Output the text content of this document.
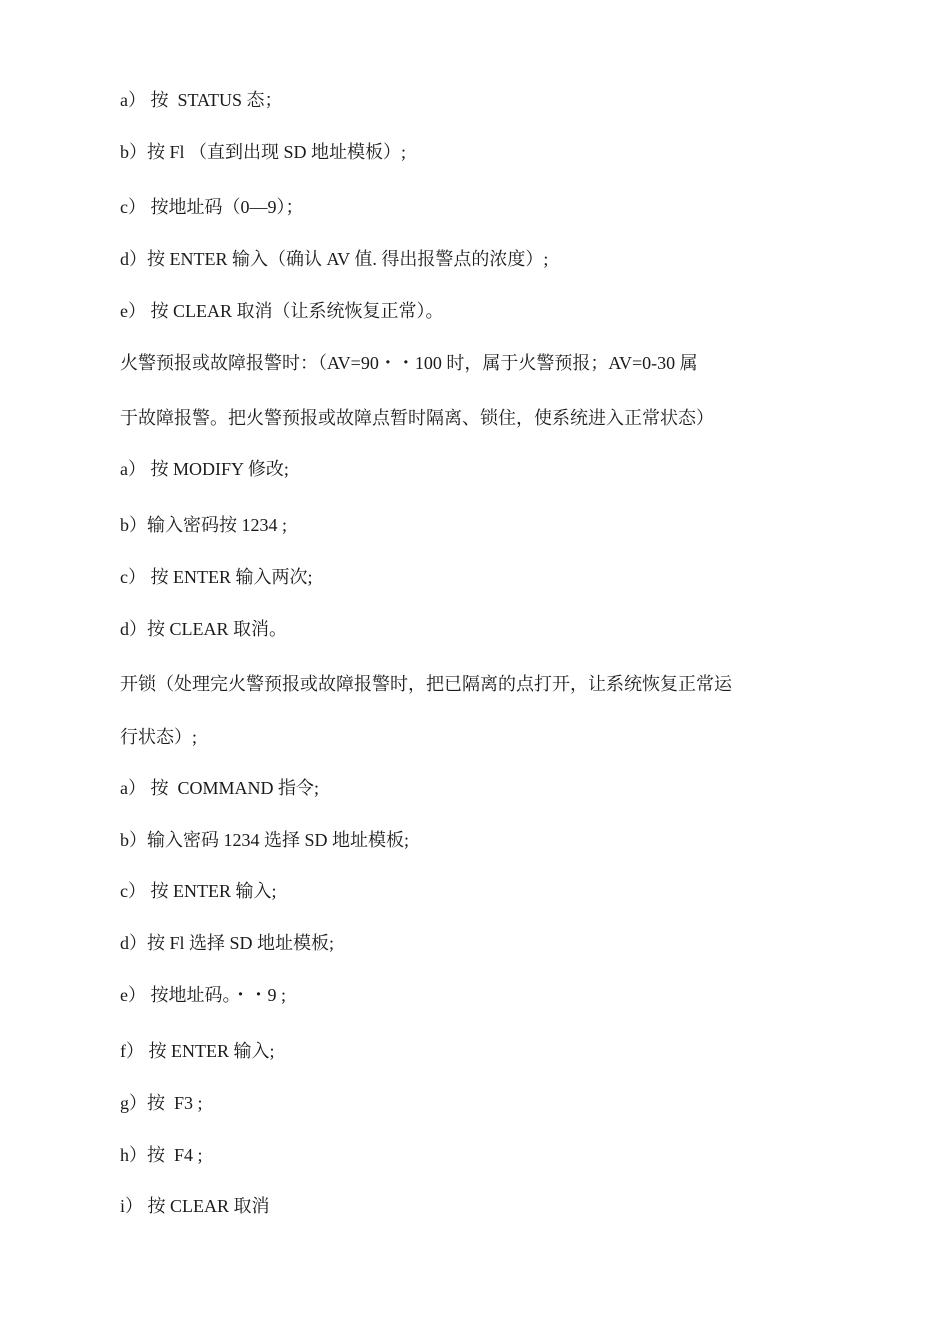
a） 按  STATUS 态；
b）按 Fl （直到出现 SD 地址模板）;
c） 按地址码（0—9）；
d）按 ENTER 输入（确认 AV 值. 得出报警点的浓度）;
e） 按 CLEAR 取消（让系统恢复正常）。
火警预报或故障报警时：（AV=90・・100 时，属于火警预报；AV=0-30 属
于故障报警。把火警预报或故障点暂时隔离、锁住，使系统进入正常状态）
a） 按 MODIFY 修改;
b）输入密码按 1234 ;
c） 按 ENTER 输入两次;
d）按 CLEAR 取消。
开锁（处理完火警预报或故障报警时，把已隔离的点打开，让系统恢复正常运
行状态）;
a） 按  COMMAND 指令;
b）输入密码 1234 选择 SD 地址模板;
c） 按 ENTER 输入;
d）按 Fl 选择 SD 地址模板;
e） 按地址码。・・9 ;
f） 按 ENTER 输入;
g）按  F3 ;
h）按  F4 ;
i） 按 CLEAR 取消
